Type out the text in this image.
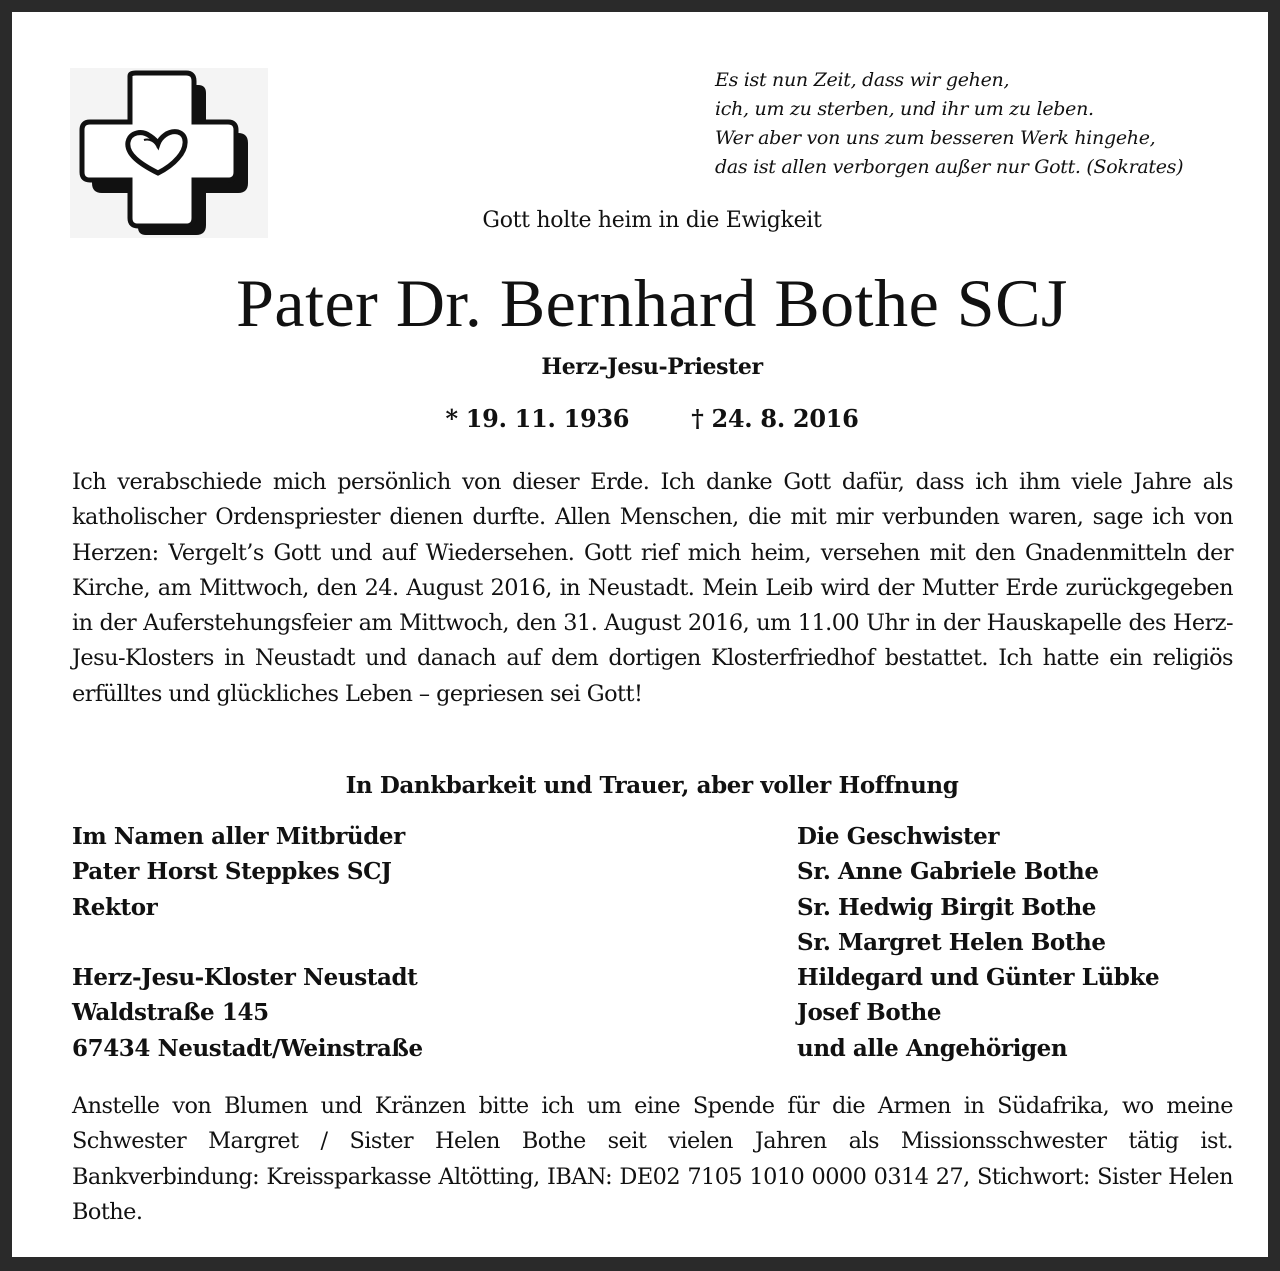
Es ist nun Zeit, dass wir gehen,
ich, um zu sterben, und ihr um zu leben.
Wer aber von uns zum besseren Werk hingehe,
das ist allen verborgen außer nur Gott. (Sokrates)
Gott holte heim in die Ewigkeit
Pater Dr. Bernhard Bothe SCJ
Herz-Jesu-Priester
* 19. 11. 1936	† 24. 8. 2016
Ich verabschiede mich persönlich von dieser Erde. Ich danke Gott dafür, dass ich ihm viele Jahre als katholischer Ordenspriester dienen durfte. Allen Menschen, die mit mir verbunden waren, sage ich von Herzen: Vergelt’s Gott und auf Wiedersehen. Gott rief mich heim, versehen mit den Gnadenmitteln der Kirche, am Mittwoch, den 24. August 2016, in Neustadt. Mein Leib wird der Mutter Erde zurückgegeben in der Auferstehungsfeier am Mittwoch, den 31. August 2016, um 11.00 Uhr in der Hauskapelle des Herz-Jesu-Klosters in Neustadt und danach auf dem dortigen Klosterfriedhof bestattet. Ich hatte ein religiös erfülltes und glückliches Leben – gepriesen sei Gott!
In Dankbarkeit und Trauer, aber voller Hoffnung
Im Namen aller Mitbrüder
Pater Horst Steppkes SCJ
Rektor
Herz-Jesu-Kloster Neustadt
Waldstraße 145
67434 Neustadt/Weinstraße
Die Geschwister
Sr. Anne Gabriele Bothe
Sr. Hedwig Birgit Bothe
Sr. Margret Helen Bothe
Hildegard und Günter Lübke
Josef Bothe
und alle Angehörigen
Anstelle von Blumen und Kränzen bitte ich um eine Spende für die Armen in Südafrika, wo meine Schwester Margret / Sister Helen Bothe seit vielen Jahren als Missionsschwester tätig ist. Bankverbindung: Kreissparkasse Altötting, IBAN: DE02 7105 1010 0000 0314 27, Stichwort: Sister Helen Bothe.
